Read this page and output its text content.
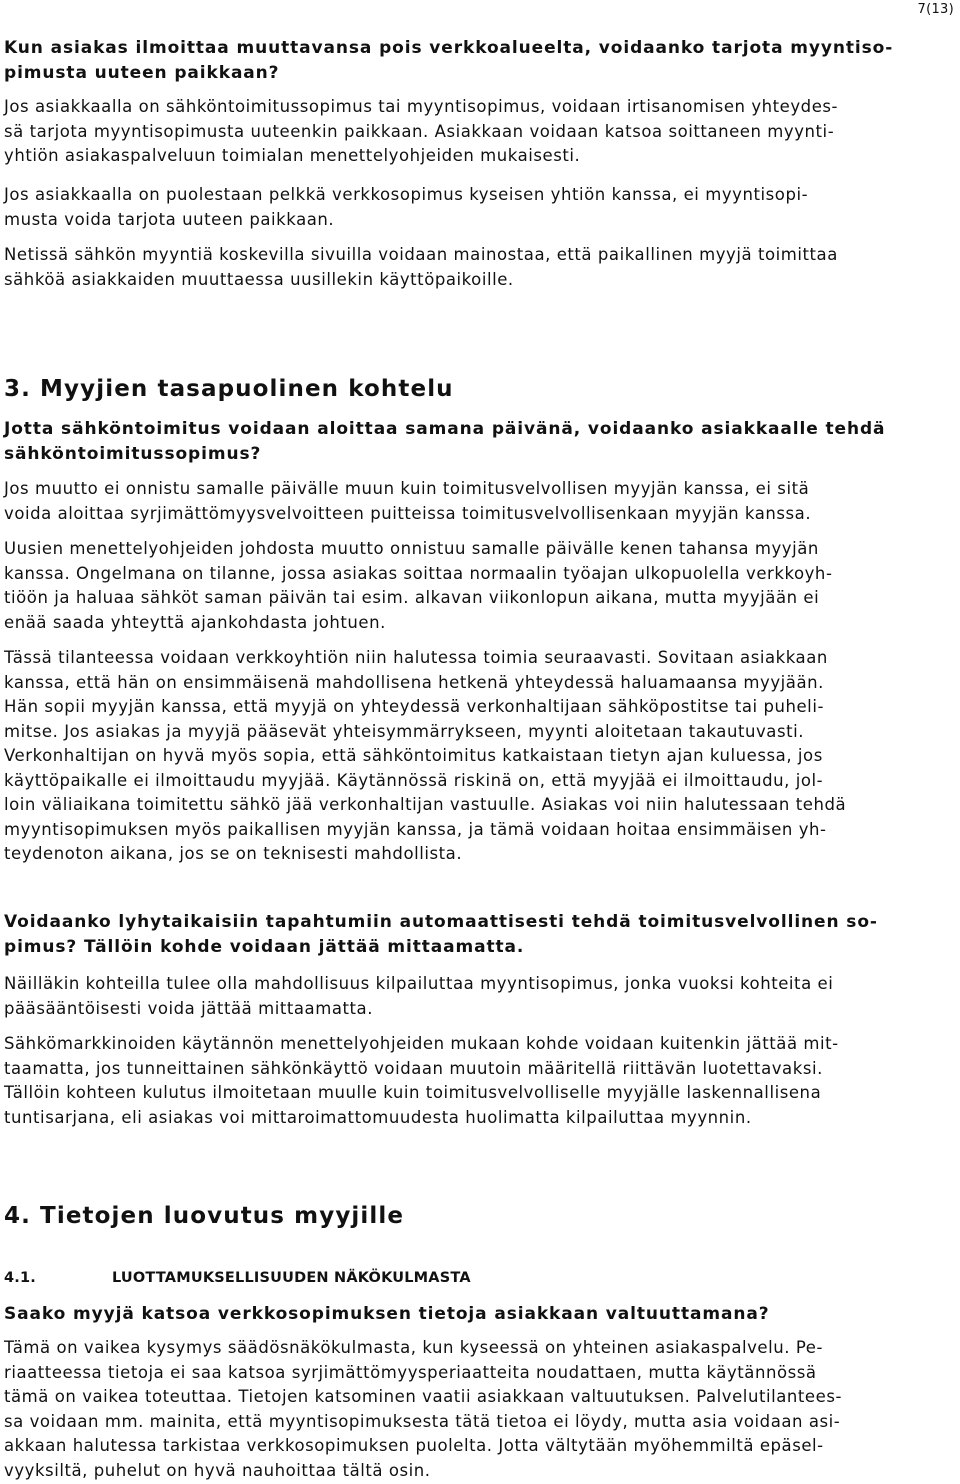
7(13)
Kun asiakas ilmoittaa muuttavansa pois verkkoalueelta, voidaanko tarjota myyntiso-
pimusta uuteen paikkaan?
Jos asiakkaalla on sähköntoimitussopimus tai myyntisopimus, voidaan irtisanomisen yhteydes-
sä tarjota myyntisopimusta uuteenkin paikkaan. Asiakkaan voidaan katsoa soittaneen myynti-
yhtiön asiakaspalveluun toimialan menettelyohjeiden mukaisesti.
Jos asiakkaalla on puolestaan pelkkä verkkosopimus kyseisen yhtiön kanssa, ei myyntisopi-
musta voida tarjota uuteen paikkaan.
Netissä sähkön myyntiä koskevilla sivuilla voidaan mainostaa, että paikallinen myyjä toimittaa
sähköä asiakkaiden muuttaessa uusillekin käyttöpaikoille.
3. Myyjien tasapuolinen kohtelu
Jotta sähköntoimitus voidaan aloittaa samana päivänä, voidaanko asiakkaalle tehdä
sähköntoimitussopimus?
Jos muutto ei onnistu samalle päivälle muun kuin toimitusvelvollisen myyjän kanssa, ei sitä
voida aloittaa syrjimättömyysvelvoitteen puitteissa toimitusvelvollisenkaan myyjän kanssa.
Uusien menettelyohjeiden johdosta muutto onnistuu samalle päivälle kenen tahansa myyjän
kanssa. Ongelmana on tilanne, jossa asiakas soittaa normaalin työajan ulkopuolella verkkoyh-
tiöön ja haluaa sähköt saman päivän tai esim. alkavan viikonlopun aikana, mutta myyjään ei
enää saada yhteyttä ajankohdasta johtuen.
Tässä tilanteessa voidaan verkkoyhtiön niin halutessa toimia seuraavasti. Sovitaan asiakkaan
kanssa, että hän on ensimmäisenä mahdollisena hetkenä yhteydessä haluamaansa myyjään.
Hän sopii myyjän kanssa, että myyjä on yhteydessä verkonhaltijaan sähköpostitse tai puheli-
mitse. Jos asiakas ja myyjä pääsevät yhteisymmärrykseen, myynti aloitetaan takautuvasti.
Verkonhaltijan on hyvä myös sopia, että sähköntoimitus katkaistaan tietyn ajan kuluessa, jos
käyttöpaikalle ei ilmoittaudu myyjää. Käytännössä riskinä on, että myyjää ei ilmoittaudu, jol-
loin väliaikana toimitettu sähkö jää verkonhaltijan vastuulle. Asiakas voi niin halutessaan tehdä
myyntisopimuksen myös paikallisen myyjän kanssa, ja tämä voidaan hoitaa ensimmäisen yh-
teydenoton aikana, jos se on teknisesti mahdollista.
Voidaanko lyhytaikaisiin tapahtumiin automaattisesti tehdä toimitusvelvollinen so-
pimus? Tällöin kohde voidaan jättää mittaamatta.
Näilläkin kohteilla tulee olla mahdollisuus kilpailuttaa myyntisopimus, jonka vuoksi kohteita ei
pääsääntöisesti voida jättää mittaamatta.
Sähkömarkkinoiden käytännön menettelyohjeiden mukaan kohde voidaan kuitenkin jättää mit-
taamatta, jos tunneittainen sähkönkäyttö voidaan muutoin määritellä riittävän luotettavaksi.
Tällöin kohteen kulutus ilmoitetaan muulle kuin toimitusvelvolliselle myyjälle laskennallisena
tuntisarjana, eli asiakas voi mittaroimattomuudesta huolimatta kilpailuttaa myynnin.
4. Tietojen luovutus myyjille
4.1.	LUOTTAMUKSELLISUUDEN NÄKÖKULMASTA
Saako myyjä katsoa verkkosopimuksen tietoja asiakkaan valtuuttamana?
Tämä on vaikea kysymys säädösnäkökulmasta, kun kyseessä on yhteinen asiakaspalvelu. Pe-
riaatteessa tietoja ei saa katsoa syrjimättömyysperiaatteita noudattaen, mutta käytännössä
tämä on vaikea toteuttaa. Tietojen katsominen vaatii asiakkaan valtuutuksen. Palvelutilantees-
sa voidaan mm. mainita, että myyntisopimuksesta tätä tietoa ei löydy, mutta asia voidaan asi-
akkaan halutessa tarkistaa verkkosopimuksen puolelta. Jotta vältytään myöhemmiltä epäsel-
vyyksiltä, puhelut on hyvä nauhoittaa tältä osin.
